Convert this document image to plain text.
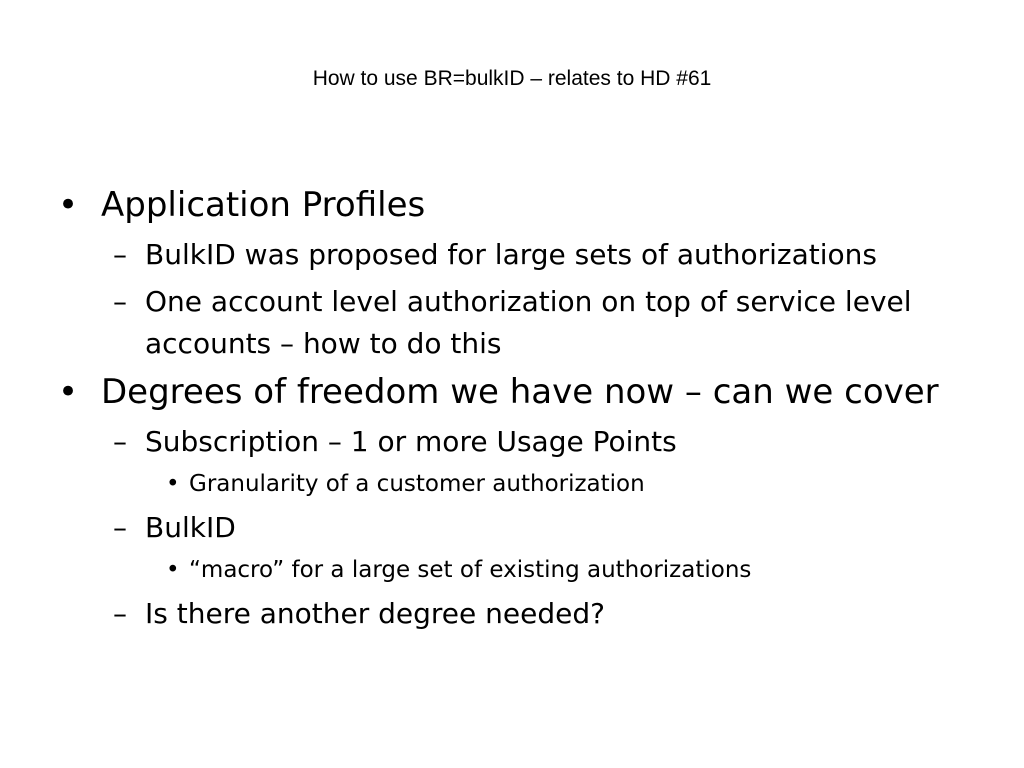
How to use BR=bulkID – relates to HD #61
• Application Profiles
– BulkID was proposed for large sets of authorizations
– One account level authorization on top of service level accounts – how to do this
• Degrees of freedom we have now – can we cover
– Subscription – 1 or more Usage Points
• Granularity of a customer authorization
– BulkID
• “macro” for a large set of existing authorizations
– Is there another degree needed?
